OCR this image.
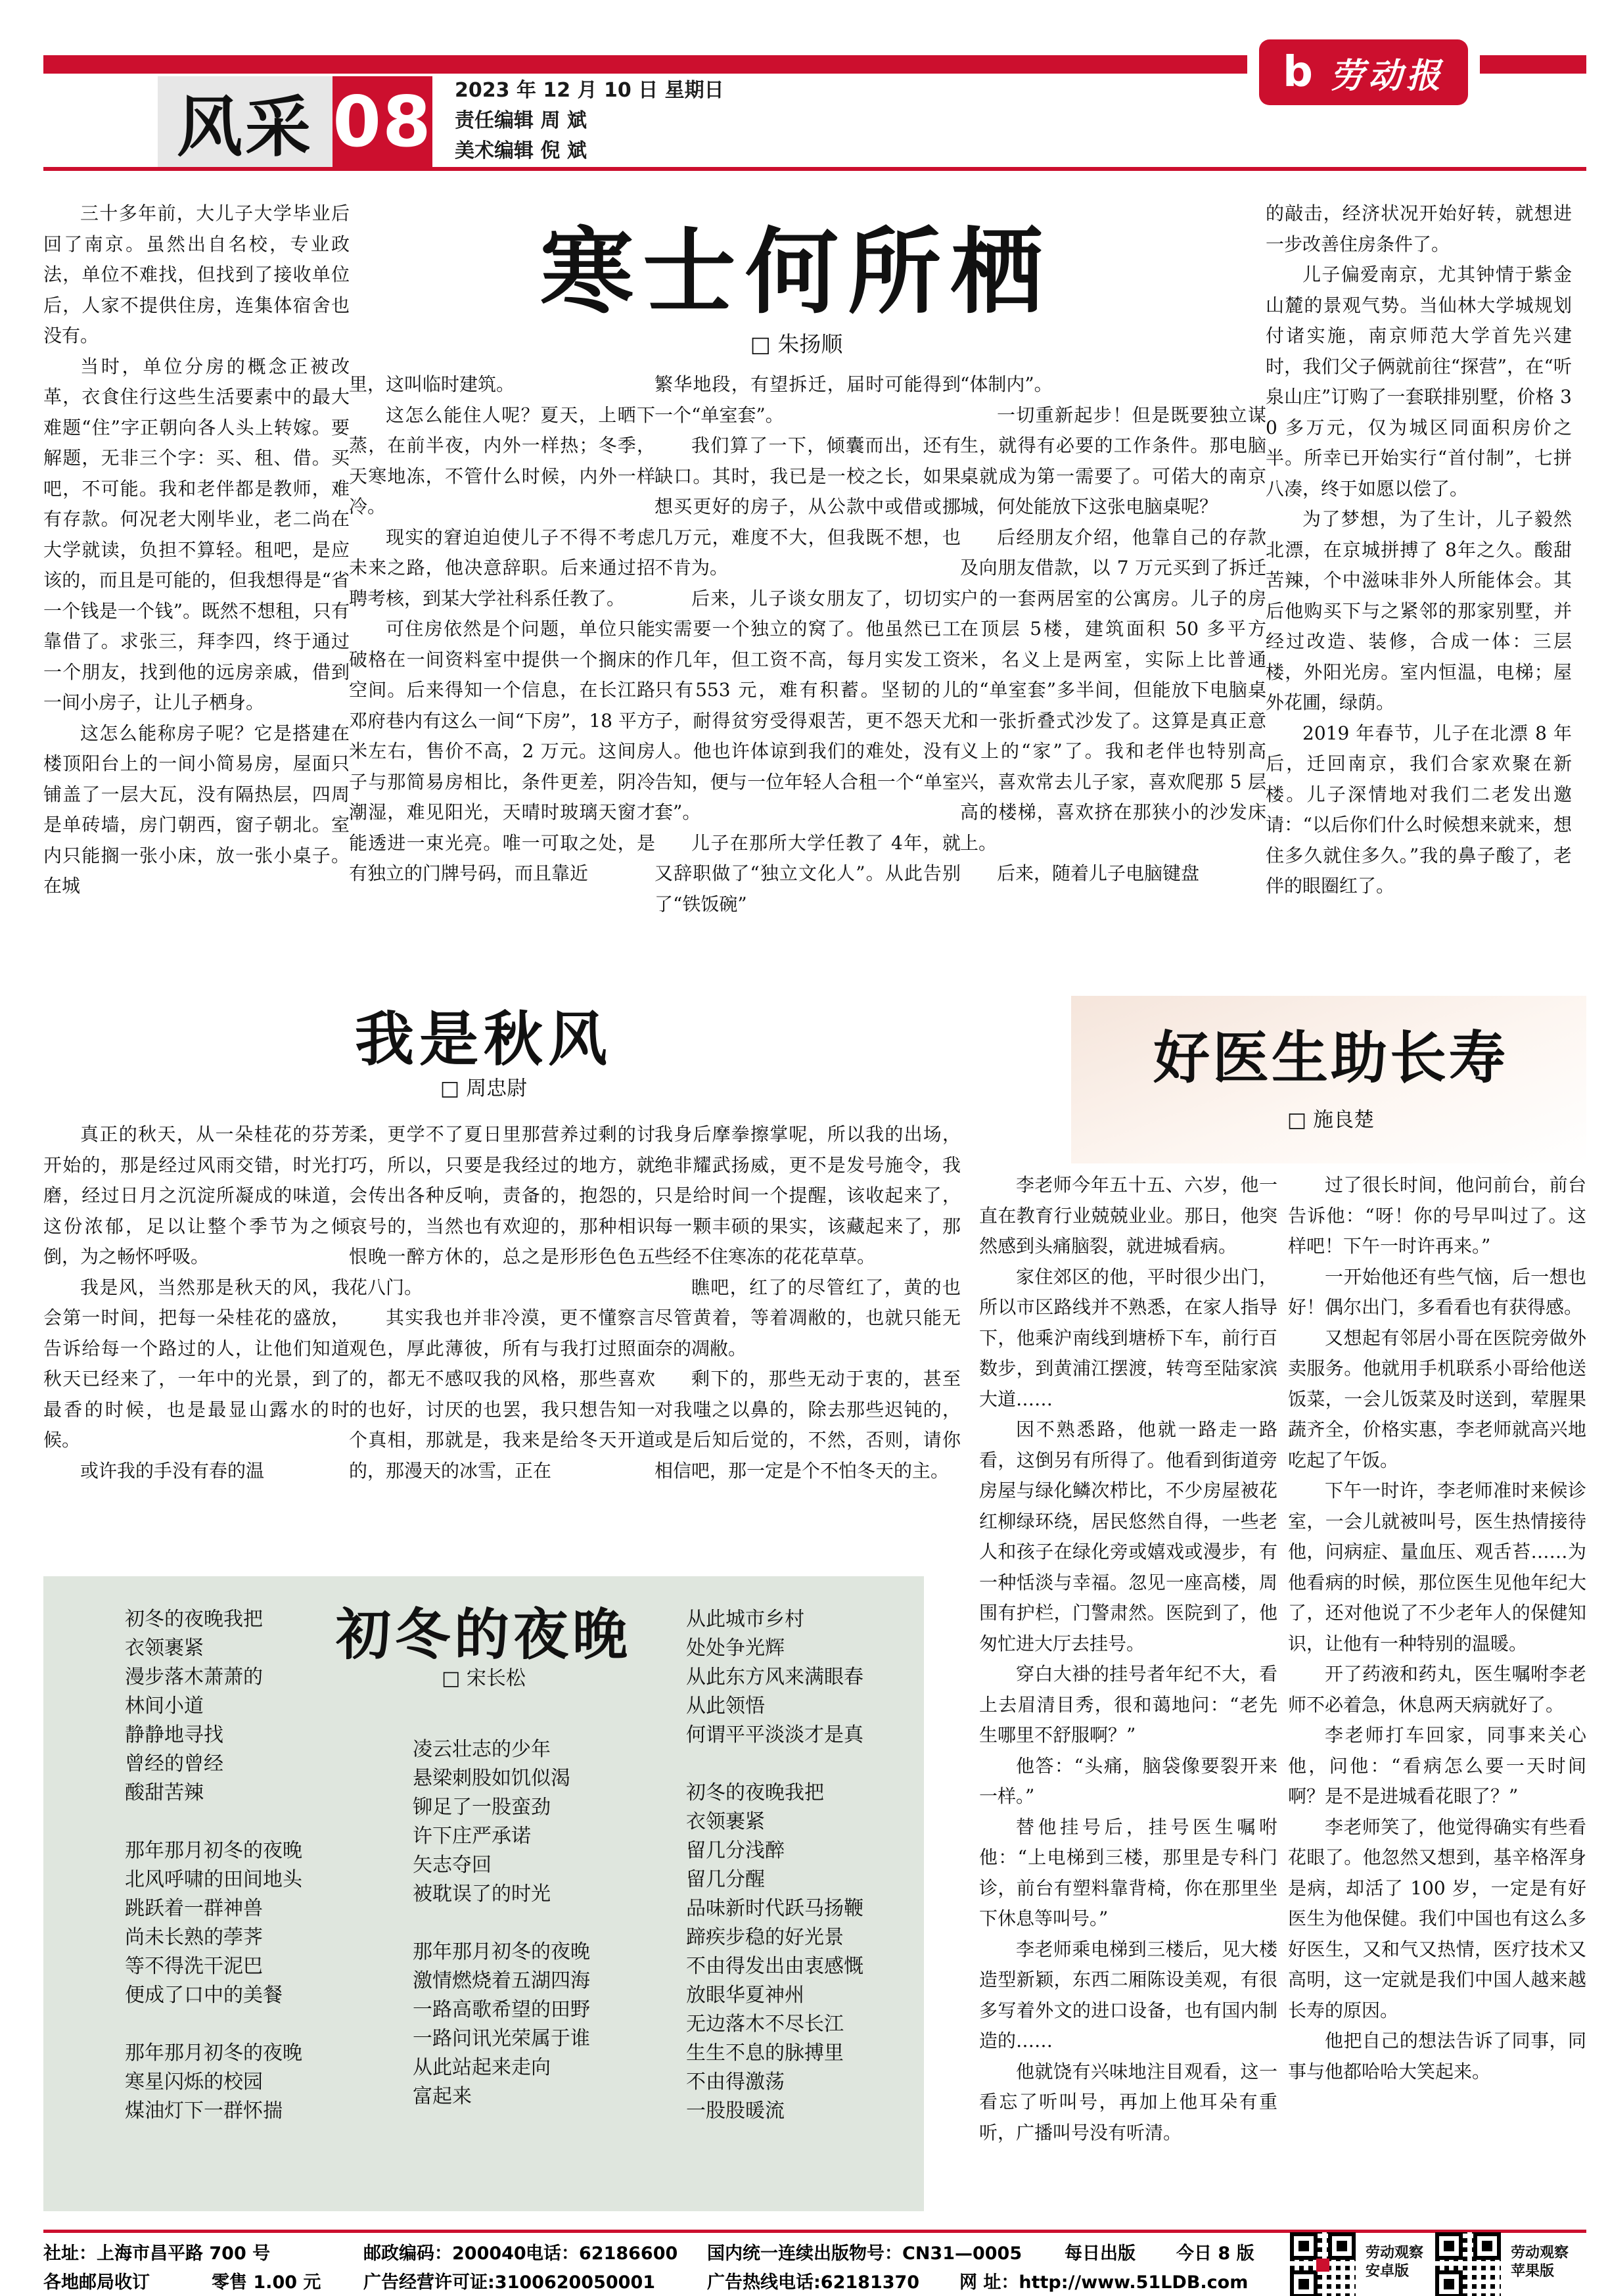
b 劳动报
风采 08 2023 年 12 月 10 日 星期日
责任编辑 周 斌
美术编辑 倪 斌
寒士何所栖
□ 朱扬顺

三十多年前，大儿子大学毕业后回了南京。虽然出自名校，专业政法，单位不难找，但找到了接收单位后，人家不提供住房，连集体宿舍也没有。

当时，单位分房的概念正被改革，衣食住行这些生活要素中的最大难题“住”字正朝向各人头上转嫁。要解题，无非三个字：买、租、借。买吧，不可能。我和老伴都是教师，难有存款。何况老大刚毕业，老二尚在大学就读，负担不算轻。租吧，是应该的，而且是可能的，但我想得是“省一个钱是一个钱”。既然不想租，只有靠借了。求张三，拜李四，终于通过一个朋友，找到他的远房亲戚，借到一间小房子，让儿子栖身。

这怎么能称房子呢？它是搭建在楼顶阳台上的一间小简易房，屋面只铺盖了一层大瓦，没有隔热层，四周是单砖墙，房门朝西，窗子朝北。室内只能搁一张小床，放一张小桌子。在城

里，这叫临时建筑。

这怎么能住人呢？夏天，上晒下蒸，在前半夜，内外一样热；冬季，天寒地冻，不管什么时候，内外一样冷。

现实的窘迫迫使儿子不得不考虑未来之路，他决意辞职。后来通过招聘考核，到某大学社科系任教了。

可住房依然是个问题，单位只能破格在一间资料室中提供一个搁床的空间。后来得知一个信息，在长江路邓府巷内有这么一间“下房”，18 平方米左右，售价不高，2 万元。这间房子与那简易房相比，条件更差，阴冷潮湿，难见阳光，天晴时玻璃天窗才能透进一束光亮。唯一可取之处，是有独立的门牌号码，而且靠近

繁华地段，有望拆迁，届时可能得到一个“单室套”。

我们算了一下，倾囊而出，还有缺口。其时，我已是一校之长，如果想买更好的房子，从公款中或借或挪几万元，难度不大，但我既不想，也不肯为。

后来，儿子谈女朋友了，切切实实需要一个独立的窝了。他虽然已工作几年，但工资不高，每月实发工资只有553 元，难有积蓄。坚韧的儿子，耐得贫穷受得艰苦，更不怨天尤人。他也许体谅到我们的难处，没有告知，便与一位年轻人合租一个“单室套”。

儿子在那所大学任教了 4年，就又辞职做了“独立文化人”。从此告别了“铁饭碗”

“体制内”。

一切重新起步！但是既要独立谋生，就得有必要的工作条件。那电脑桌就成为第一需要了。可偌大的南京城，何处能放下这张电脑桌呢？

后经朋友介绍，他靠自己的存款及向朋友借款，以 7 万元买到了拆迁户的一套两居室的公寓房。儿子的房在顶层 5楼，建筑面积 50 多平方米，名义上是两室，实际上比普通的“单室套”多半间，但能放下电脑桌和一张折叠式沙发了。这算是真正意义上的“家”了。我和老伴也特别高兴，喜欢常去儿子家，喜欢爬那 5 层高的楼梯，喜欢挤在那狭小的沙发床上。

后来，随着儿子电脑键盘

的敲击，经济状况开始好转，就想进一步改善住房条件了。

儿子偏爱南京，尤其钟情于紫金山麓的景观气势。当仙林大学城规划付诸实施，南京师范大学首先兴建时，我们父子俩就前往“探营”，在“听泉山庄”订购了一套联排别墅，价格 30 多万元，仅为城区同面积房价之半。所幸已开始实行“首付制”，七拼八凑，终于如愿以偿了。

为了梦想，为了生计，儿子毅然北漂，在京城拼搏了 8年之久。酸甜苦辣，个中滋味非外人所能体会。其后他购买下与之紧邻的那家别墅，并经过改造、装修，合成一体：三层楼，外阳光房。室内恒温，电梯；屋外花圃，绿荫。

2019 年春节，儿子在北漂 8 年后，迁回南京，我们合家欢聚在新楼。儿子深情地对我们二老发出邀请：“以后你们什么时候想来就来，想住多久就住多久。”我的鼻子酸了，老伴的眼圈红了。

我是秋风
□ 周忠尉

真正的秋天，从一朵桂花的芬芳开始的，那是经过风雨交错，时光打磨，经过日月之沉淀所凝成的味道，这份浓郁，足以让整个季节为之倾倒，为之畅怀呼吸。

我是风，当然那是秋天的风，我会第一时间，把每一朵桂花的盛放，告诉给每一个路过的人，让他们知道秋天已经来了，一年中的光景，到了最香的时候，也是最显山露水的时候。

或许我的手没有春的温

柔，更学不了夏日里那营养过剩的讨巧，所以，只要是我经过的地方，就会传出各种反响，责备的，抱怨的，哀号的，当然也有欢迎的，那种相识恨晚一醉方休的，总之是形形色色五花八门。

其实我也并非冷漠，更不懂察言观色，厚此薄彼，所有与我打过照面的，都无不感叹我的风格，那些喜欢的也好，讨厌的也罢，我只想告知一个真相，那就是，我来是给冬天开道的，那漫天的冰雪，正在

我身后摩拳擦掌呢，所以我的出场，绝非耀武扬威，更不是发号施令，我只是给时间一个提醒，该收起来了，每一颗丰硕的果实，该藏起来了，那些经不住寒冻的花花草草。

瞧吧，红了的尽管红了，黄的也尽管黄着，等着凋敝的，也就只能无奈的凋敝。

剩下的，那些无动于衷的，甚至对我嗤之以鼻的，除去那些迟钝的，或是后知后觉的，不然，否则，请你相信吧，那一定是个不怕冬天的主。

好医生助长寿
□ 施良楚

李老师今年五十五、六岁，他一直在教育行业兢兢业业。那日，他突然感到头痛脑裂，就进城看病。

家住郊区的他，平时很少出门，所以市区路线并不熟悉，在家人指导下，他乘沪南线到塘桥下车，前行百数步，到黄浦江摆渡，转弯至陆家滨大道……

因不熟悉路，他就一路走一路看，这倒另有所得了。他看到街道旁房屋与绿化鳞次栉比，不少房屋被花红柳绿环绕，居民悠然自得，一些老人和孩子在绿化旁或嬉戏或漫步，有一种恬淡与幸福。忽见一座高楼，周围有护栏，门警肃然。医院到了，他匆忙进大厅去挂号。

穿白大褂的挂号者年纪不大，看上去眉清目秀，很和蔼地问：“老先生哪里不舒服啊？”

他答：“头痛，脑袋像要裂开来一样。”

替他挂号后，挂号医生嘱咐他：“上电梯到三楼，那里是专科门诊，前台有塑料靠背椅，你在那里坐下休息等叫号。”

李老师乘电梯到三楼后，见大楼造型新颖，东西二厢陈设美观，有很多写着外文的进口设备，也有国内制造的……

他就饶有兴味地注目观看，这一看忘了听叫号，再加上他耳朵有重听，广播叫号没有听清。

过了很长时间，他问前台，前台告诉他：“呀！你的号早叫过了。这样吧！下午一时许再来。”

一开始他还有些气恼，后一想也好！偶尔出门，多看看也有获得感。

又想起有邻居小哥在医院旁做外卖服务。他就用手机联系小哥给他送饭菜，一会儿饭菜及时送到，荤腥果蔬齐全，价格实惠，李老师就高兴地吃起了午饭。

下午一时许，李老师准时来候诊室，一会儿就被叫号，医生热情接待他，问病症、量血压、观舌苔……为他看病的时候，那位医生见他年纪大了，还对他说了不少老年人的保健知识，让他有一种特别的温暖。

开了药液和药丸，医生嘱咐李老师不必着急，休息两天病就好了。

李老师打车回家，同事来关心他，问他：“看病怎么要一天时间啊？是不是进城看花眼了？”

李老师笑了，他觉得确实有些看花眼了。他忽然又想到，基辛格浑身是病，却活了 100 岁，一定是有好医生为他保健。我们中国也有这么多好医生，又和气又热情，医疗技术又高明，这一定就是我们中国人越来越长寿的原因。

他把自己的想法告诉了同事，同事与他都哈哈大笑起来。

初冬的夜晚
□ 宋长松
初冬的夜晚我把
衣领裹紧
漫步落木萧萧的
林间小道
静静地寻找
曾经的曾经
酸甜苦辣
那年那月初冬的夜晚
北风呼啸的田间地头
跳跃着一群神兽
尚未长熟的荸荠
等不得洗干泥巴
便成了口中的美餐
那年那月初冬的夜晚
寒星闪烁的校园
煤油灯下一群怀揣
凌云壮志的少年
悬梁刺股如饥似渴
铆足了一股蛮劲
许下庄严承诺
矢志夺回
被耽误了的时光
那年那月初冬的夜晚
激情燃烧着五湖四海
一路高歌希望的田野
一路问讯光荣属于谁
从此站起来走向
富起来
从此城市乡村
处处争光辉
从此东方风来满眼春
从此领悟
何谓平平淡淡才是真
初冬的夜晚我把
衣领裹紧
留几分浅醉
留几分醒
品味新时代跃马扬鞭
蹄疾步稳的好光景
不由得发出由衷感慨
放眼华夏神州
无边落木不尽长江
生生不息的脉搏里
不由得激荡
一股股暖流
社址：上海市昌平路 700 号	邮政编码：200040 电话：62186600 国内统一连续出版物号：CN31—0005 每日出版 今日 8 版
各地邮局收订	零售 1.00 元 广告经营许可证:3100620050001	广告热线电话:62181370 网 址：http://www.51LDB.com
劳动观察
安卓版
劳动观察
苹果版
